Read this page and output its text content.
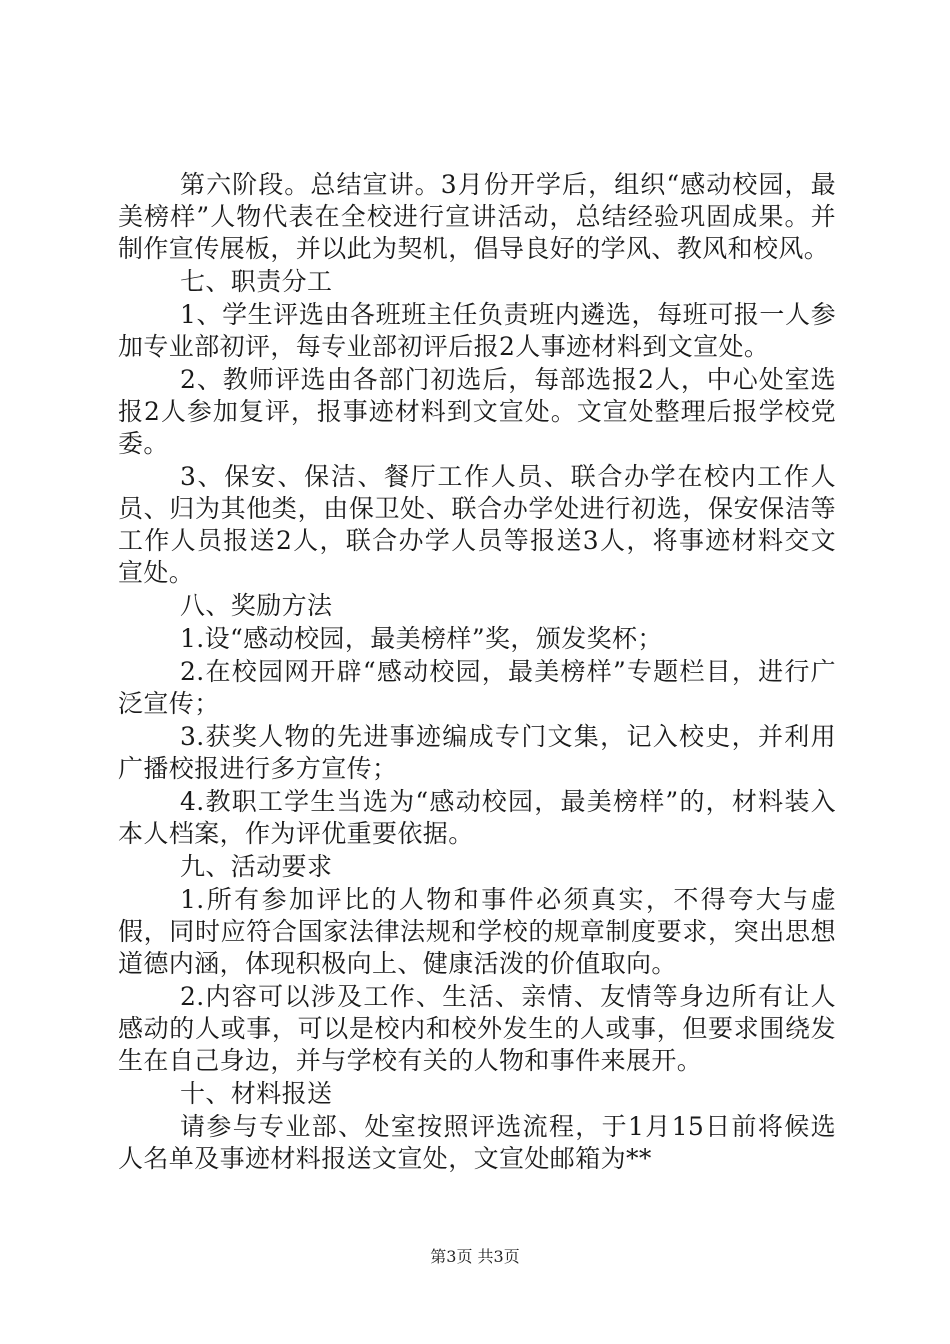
第六阶段。总结宣讲。3月份开学后，组织“感动校园，最美榜样”人物代表在全校进行宣讲活动，总结经验巩固成果。并制作宣传展板，并以此为契机，倡导良好的学风、教风和校风。

七、职责分工

1、学生评选由各班班主任负责班内遴选，每班可报一人参加专业部初评，每专业部初评后报2人事迹材料到文宣处。

2、教师评选由各部门初选后，每部选报2人，中心处室选报2人参加复评，报事迹材料到文宣处。文宣处整理后报学校党委。

3、保安、保洁、餐厅工作人员、联合办学在校内工作人员、归为其他类，由保卫处、联合办学处进行初选，保安保洁等工作人员报送2人，联合办学人员等报送3人，将事迹材料交文宣处。

八、奖励方法

1.设“感动校园，最美榜样”奖，颁发奖杯；

2.在校园网开辟“感动校园，最美榜样”专题栏目，进行广泛宣传；

3.获奖人物的先进事迹编成专门文集，记入校史，并利用广播校报进行多方宣传；

4.教职工学生当选为“感动校园，最美榜样”的，材料装入本人档案，作为评优重要依据。

九、活动要求

1.所有参加评比的人物和事件必须真实，不得夸大与虚假，同时应符合国家法律法规和学校的规章制度要求，突出思想道德内涵，体现积极向上、健康活泼的价值取向。

2.内容可以涉及工作、生活、亲情、友情等身边所有让人感动的人或事，可以是校内和校外发生的人或事，但要求围绕发生在自己身边，并与学校有关的人物和事件来展开。

十、材料报送

请参与专业部、处室按照评选流程，于1月15日前将候选人名单及事迹材料报送文宣处，文宣处邮箱为**

第3页 共3页
